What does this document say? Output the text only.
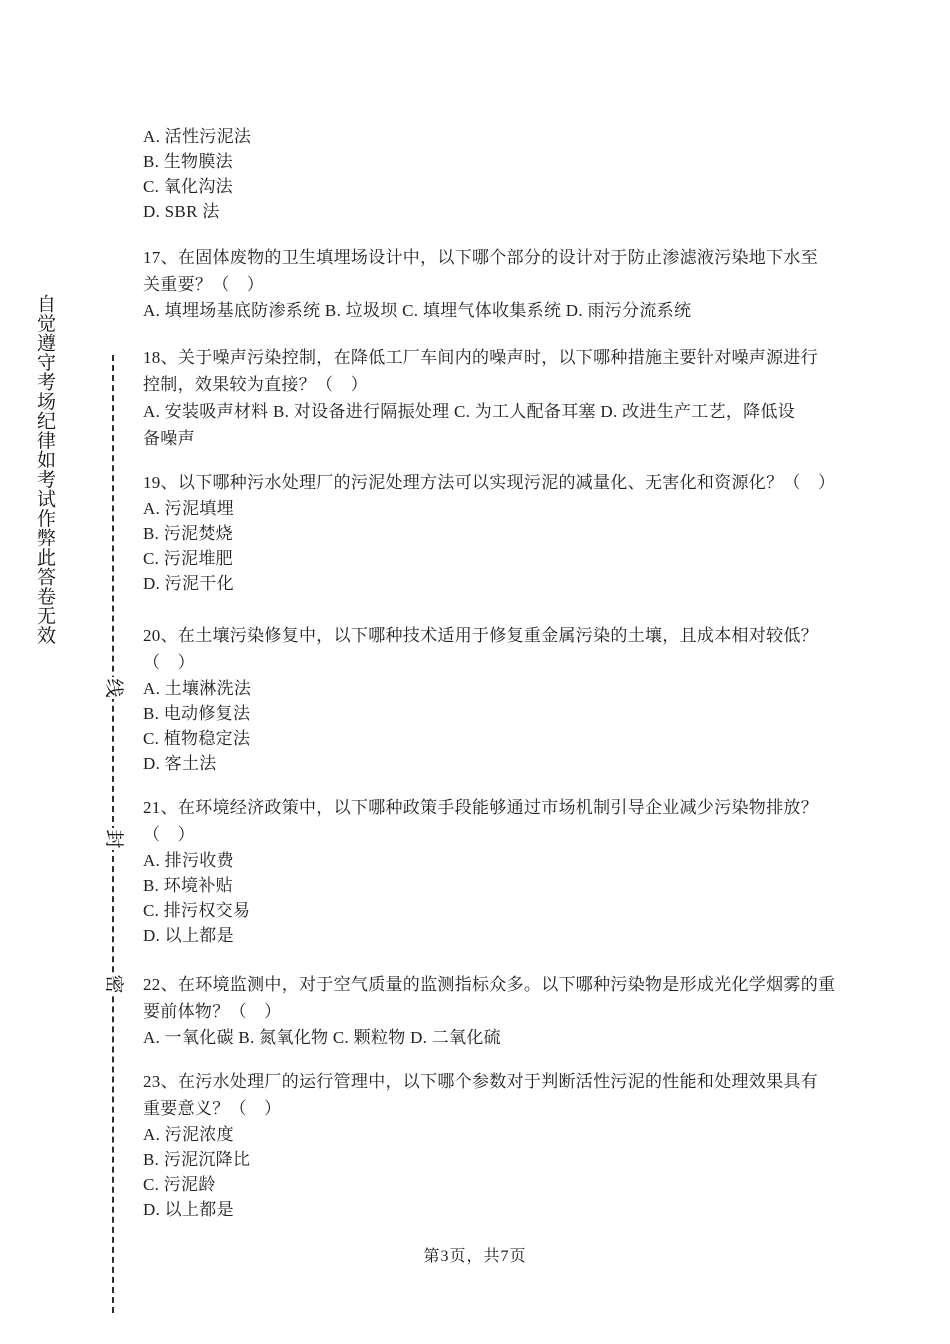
自觉遵守考场纪律如考试作弊此答卷无效
线
封
密
A. 活性污泥法
B. 生物膜法
C. 氧化沟法
D. SBR 法
17、在固体废物的卫生填埋场设计中，以下哪个部分的设计对于防止渗滤液污染地下水至
关重要？（　）
A. 填埋场基底防渗系统 B. 垃圾坝 C. 填埋气体收集系统 D. 雨污分流系统
18、关于噪声污染控制，在降低工厂车间内的噪声时，以下哪种措施主要针对噪声源进行
控制，效果较为直接？（　）
A. 安装吸声材料 B. 对设备进行隔振处理 C. 为工人配备耳塞 D. 改进生产工艺，降低设
备噪声
19、以下哪种污水处理厂的污泥处理方法可以实现污泥的减量化、无害化和资源化？（　）
A. 污泥填埋
B. 污泥焚烧
C. 污泥堆肥
D. 污泥干化
20、在土壤污染修复中，以下哪种技术适用于修复重金属污染的土壤，且成本相对较低？
（　）
A. 土壤淋洗法
B. 电动修复法
C. 植物稳定法
D. 客土法
21、在环境经济政策中，以下哪种政策手段能够通过市场机制引导企业减少污染物排放？
（　）
A. 排污收费
B. 环境补贴
C. 排污权交易
D. 以上都是
22、在环境监测中，对于空气质量的监测指标众多。以下哪种污染物是形成光化学烟雾的重
要前体物？（　）
A. 一氧化碳 B. 氮氧化物 C. 颗粒物 D. 二氧化硫
23、在污水处理厂的运行管理中，以下哪个参数对于判断活性污泥的性能和处理效果具有
重要意义？（　）
A. 污泥浓度
B. 污泥沉降比
C. 污泥龄
D. 以上都是
第3页，共7页
